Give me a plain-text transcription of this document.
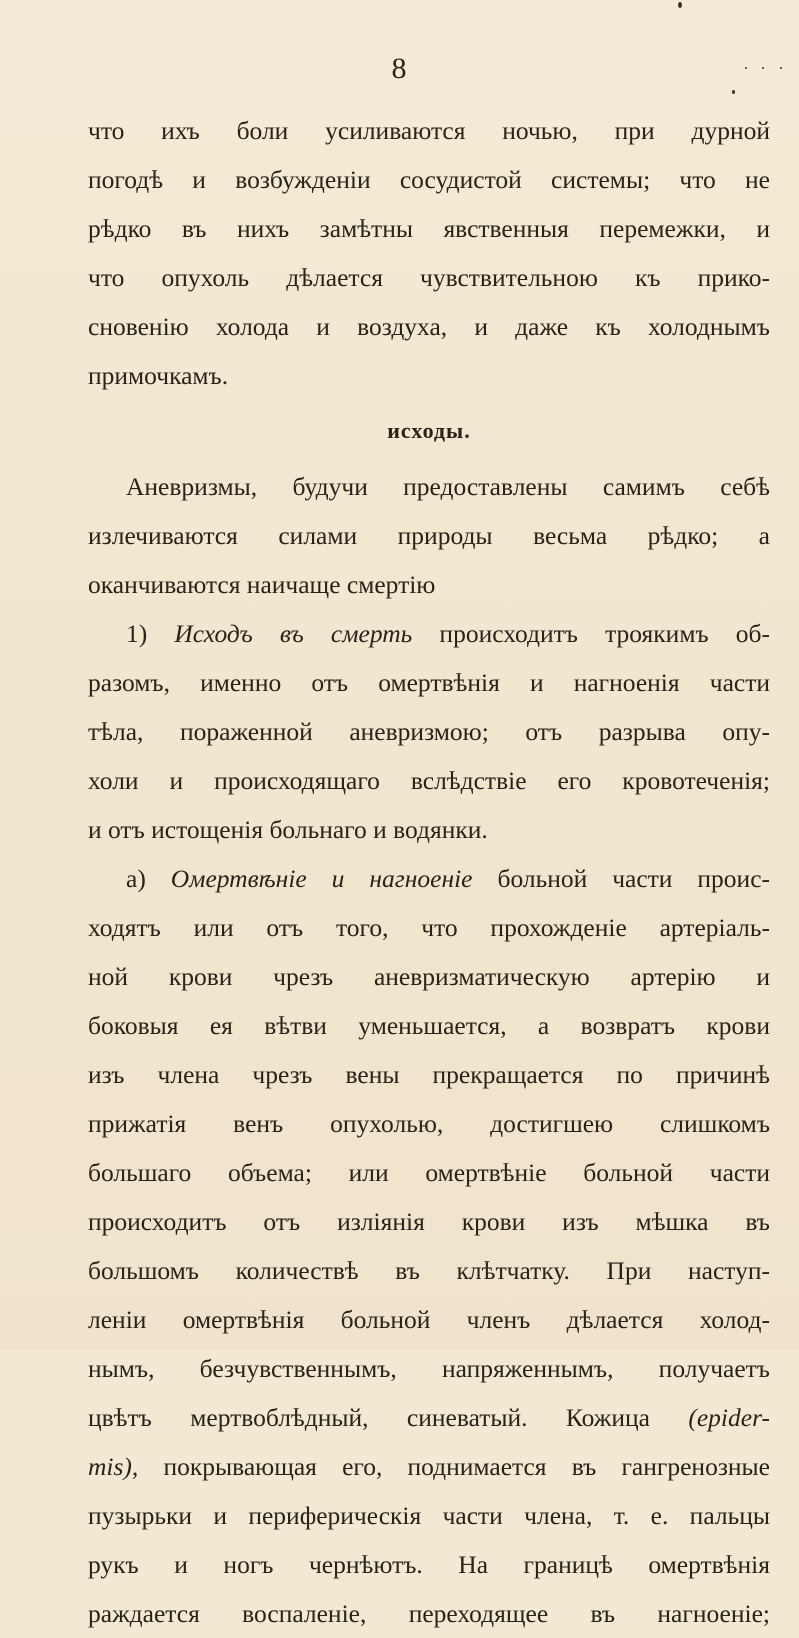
8
что ихъ боли усиливаются ночью, при дурной
погодѣ и возбужденіи сосудистой системы; что не
рѣдко въ нихъ замѣтны явственныя перемежки, и
что опухоль дѣлается чувствительною къ прико-
сновенію холода и воздуха, и даже къ холоднымъ
примочкамъ.
исходы.
Аневризмы, будучи предоставлены самимъ себѣ
излечиваются силами природы весьма рѣдко; а
оканчиваются наичаще смертію
1) Исходъ въ смерть происходитъ троякимъ об-
разомъ, именно отъ омертвѣнія и нагноенія части
тѣла, пораженной аневризмою; отъ разрыва опу-
холи и происходящаго вслѣдствіе его кровотеченія;
и отъ истощенія больнаго и водянки.
a) Омертвѣніе и нагноеніе больной части проис-
ходятъ или отъ того, что прохожденіе артеріаль-
ной крови чрезъ аневризматическую артерію и
боковыя ея вѣтви уменьшается, а возвратъ крови
изъ члена чрезъ вены прекращается по причинѣ
прижатія венъ опухолью, достигшею слишкомъ
большаго объема; или омертвѣніе больной части
происходитъ отъ изліянія крови изъ мѣшка въ
большомъ количествѣ въ клѣтчатку. При наступ-
леніи омертвѣнія больной членъ дѣлается холод-
нымъ, безчувственнымъ, напряженнымъ, получаетъ
цвѣтъ мертвоблѣдный, синеватый. Кожица (epider-
mis), покрывающая его, поднимается въ гангренозные
пузырьки и периферическія части члена, т. е. пальцы
рукъ и ногъ чернѣютъ. На границѣ омертвѣнія
раждается воспаленіе, переходящее въ нагноеніе;
